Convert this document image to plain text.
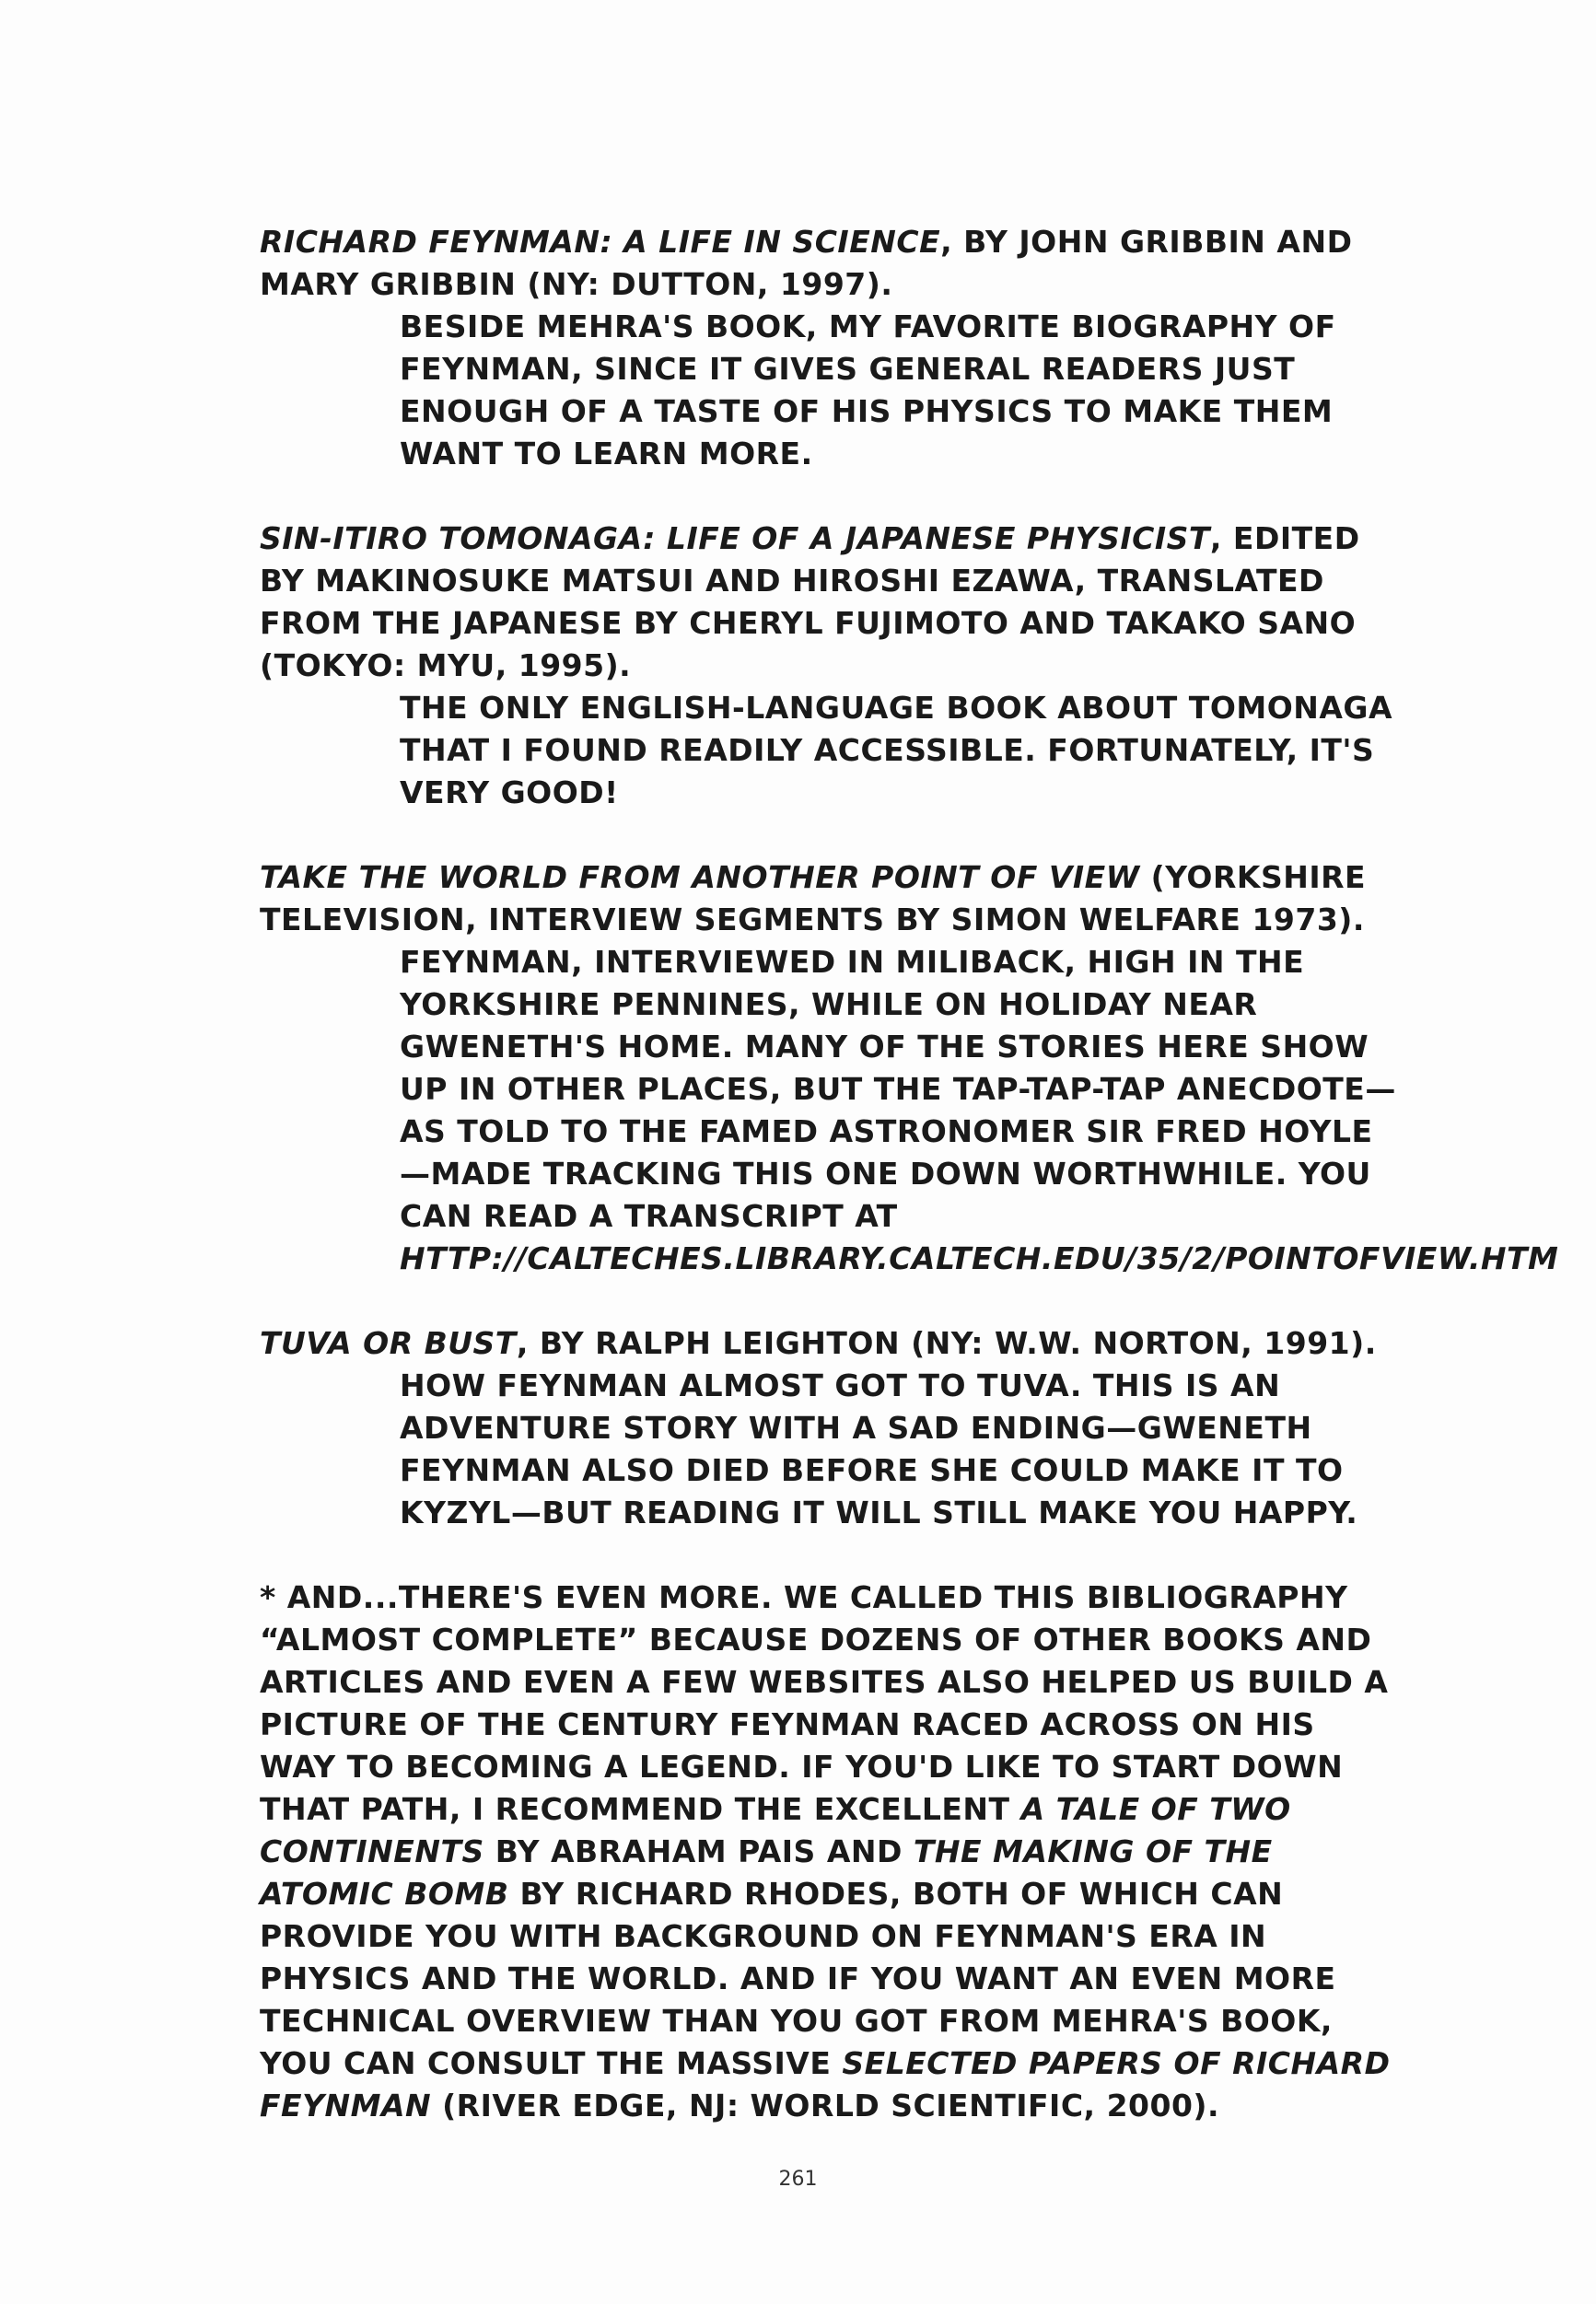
RICHARD FEYNMAN: A LIFE IN SCIENCE, BY JOHN GRIBBIN AND MARY GRIBBIN (NY: DUTTON, 1997).

BESIDE MEHRA'S BOOK, MY FAVORITE BIOGRAPHY OF FEYNMAN, SINCE IT GIVES GENERAL READERS JUST ENOUGH OF A TASTE OF HIS PHYSICS TO MAKE THEM WANT TO LEARN MORE.

SIN-ITIRO TOMONAGA: LIFE OF A JAPANESE PHYSICIST, EDITED BY MAKINOSUKE MATSUI AND HIROSHI EZAWA, TRANSLATED FROM THE JAPANESE BY CHERYL FUJIMOTO AND TAKAKO SANO (TOKYO: MYU, 1995).

THE ONLY ENGLISH-LANGUAGE BOOK ABOUT TOMONAGA THAT I FOUND READILY ACCESSIBLE. FORTUNATELY, IT'S VERY GOOD!

TAKE THE WORLD FROM ANOTHER POINT OF VIEW (YORKSHIRE TELEVISION, INTERVIEW SEGMENTS BY SIMON WELFARE 1973).

FEYNMAN, INTERVIEWED IN MILIBACK, HIGH IN THE YORKSHIRE PENNINES, WHILE ON HOLIDAY NEAR GWENETH'S HOME. MANY OF THE STORIES HERE SHOW UP IN OTHER PLACES, BUT THE TAP-TAP-TAP ANECDOTE—AS TOLD TO THE FAMED ASTRONOMER SIR FRED HOYLE—MADE TRACKING THIS ONE DOWN WORTHWHILE. YOU CAN READ A TRANSCRIPT AT HTTP://CALTECHES.LIBRARY.CALTECH.EDU/35/2/POINTOFVIEW.HTM

TUVA OR BUST, BY RALPH LEIGHTON (NY: W.W. NORTON, 1991).

HOW FEYNMAN ALMOST GOT TO TUVA. THIS IS AN ADVENTURE STORY WITH A SAD ENDING—GWENETH FEYNMAN ALSO DIED BEFORE SHE COULD MAKE IT TO KYZYL—BUT READING IT WILL STILL MAKE YOU HAPPY.

* AND...THERE'S EVEN MORE. WE CALLED THIS BIBLIOGRAPHY “ALMOST COMPLETE” BECAUSE DOZENS OF OTHER BOOKS AND ARTICLES AND EVEN A FEW WEBSITES ALSO HELPED US BUILD A PICTURE OF THE CENTURY FEYNMAN RACED ACROSS ON HIS WAY TO BECOMING A LEGEND. IF YOU'D LIKE TO START DOWN THAT PATH, I RECOMMEND THE EXCELLENT A TALE OF TWO CONTINENTS BY ABRAHAM PAIS AND THE MAKING OF THE ATOMIC BOMB BY RICHARD RHODES, BOTH OF WHICH CAN PROVIDE YOU WITH BACKGROUND ON FEYNMAN'S ERA IN PHYSICS AND THE WORLD. AND IF YOU WANT AN EVEN MORE TECHNICAL OVERVIEW THAN YOU GOT FROM MEHRA'S BOOK, YOU CAN CONSULT THE MASSIVE SELECTED PAPERS OF RICHARD FEYNMAN (RIVER EDGE, NJ: WORLD SCIENTIFIC, 2000).

261
